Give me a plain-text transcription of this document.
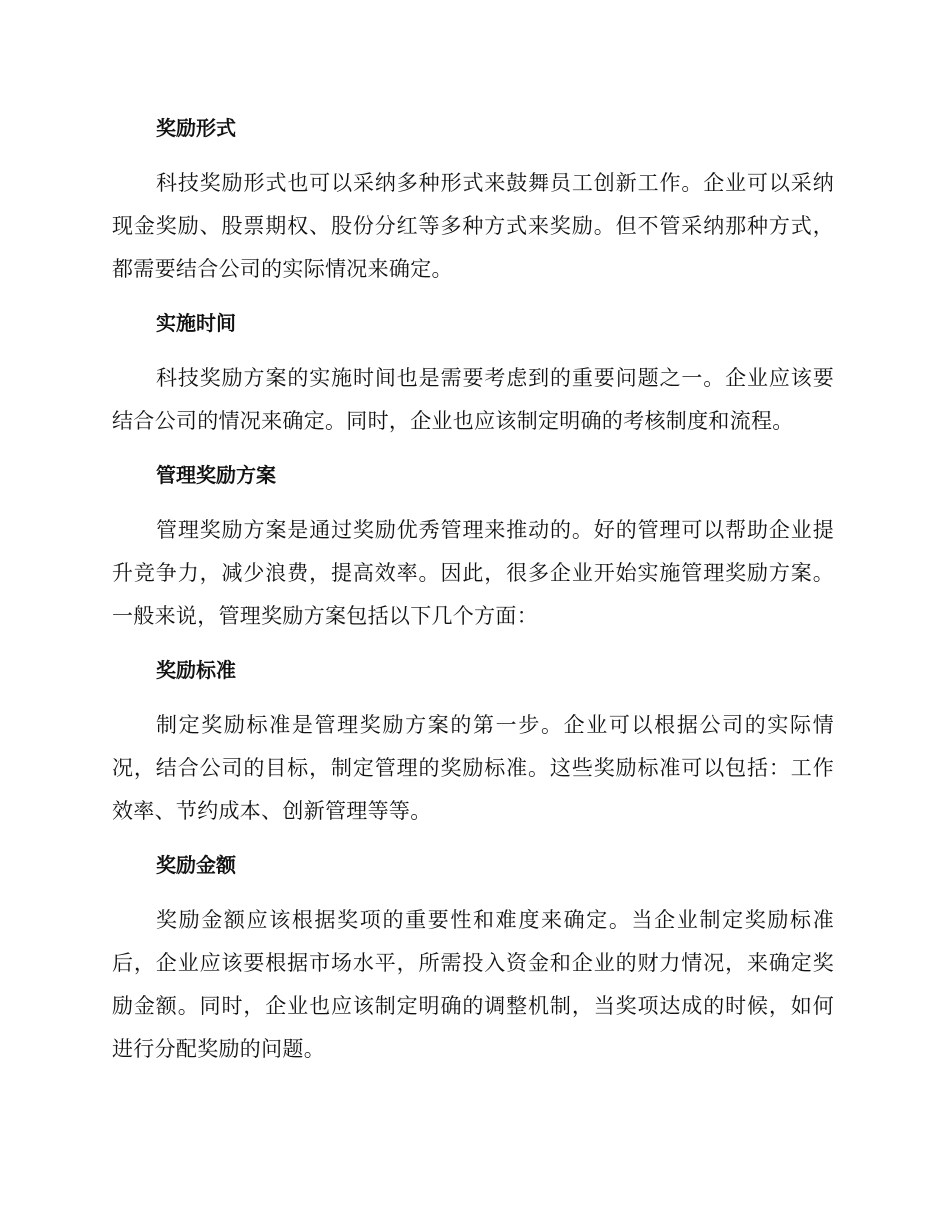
奖励形式

科技奖励形式也可以采纳多种形式来鼓舞员工创新工作。企业可以采纳现金奖励、股票期权、股份分红等多种方式来奖励。但不管采纳那种方式，都需要结合公司的实际情况来确定。

实施时间

科技奖励方案的实施时间也是需要考虑到的重要问题之一。企业应该要结合公司的情况来确定。同时，企业也应该制定明确的考核制度和流程。

管理奖励方案

管理奖励方案是通过奖励优秀管理来推动的。好的管理可以帮助企业提升竞争力，减少浪费，提高效率。因此，很多企业开始实施管理奖励方案。一般来说，管理奖励方案包括以下几个方面：

奖励标准

制定奖励标准是管理奖励方案的第一步。企业可以根据公司的实际情况，结合公司的目标，制定管理的奖励标准。这些奖励标准可以包括：工作效率、节约成本、创新管理等等。

奖励金额

奖励金额应该根据奖项的重要性和难度来确定。当企业制定奖励标准后，企业应该要根据市场水平，所需投入资金和企业的财力情况，来确定奖励金额。同时，企业也应该制定明确的调整机制，当奖项达成的时候，如何进行分配奖励的问题。
